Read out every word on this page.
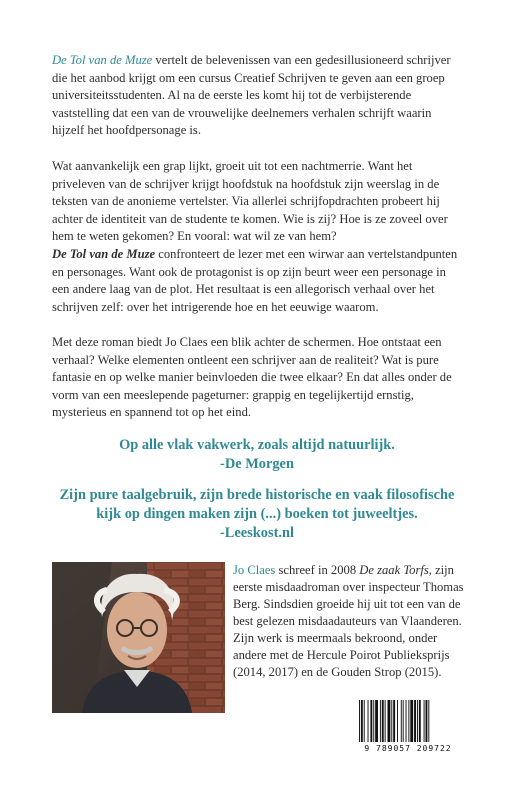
De Tol van de Muze vertelt de belevenissen van een gedesillusioneerd schrijver die het aanbod krijgt om een cursus Creatief Schrijven te geven aan een groep universiteitsstudenten. Al na de eerste les komt hij tot de verbijsterende vaststelling dat een van de vrouwelijke deelnemers verhalen schrijft waarin hijzelf het hoofdpersonage is.

Wat aanvankelijk een grap lijkt, groeit uit tot een nachtmerrie. Want het priveleven van de schrijver krijgt hoofdstuk na hoofdstuk zijn weerslag in de teksten van de anonieme vertelster. Via allerlei schrijfopdrachten probeert hij achter de identiteit van de studente te komen. Wie is zij? Hoe is ze zoveel over hem te weten gekomen? En vooral: wat wil ze van hem?

De Tol van de Muze confronteert de lezer met een wirwar aan vertelstandpunten en personages. Want ook de protagonist is op zijn beurt weer een personage in een andere laag van de plot. Het resultaat is een allegorisch verhaal over het schrijven zelf: over het intrigerende hoe en het eeuwige waarom.

Met deze roman biedt Jo Claes een blik achter de schermen. Hoe ontstaat een verhaal? Welke elementen ontleent een schrijver aan de realiteit? Wat is pure fantasie en op welke manier beinvloeden die twee elkaar? En dat alles onder de vorm van een meeslepende pageturner: grappig en tegelijkertijd ernstig, mysterieus en spannend tot op het eind.

Op alle vlak vakwerk, zoals altijd natuurlijk.
-De Morgen
Zijn pure taalgebruik, zijn brede historische en vaak filosofische kijk op dingen maken zijn (...) boeken tot juweeltjes.
-Leeskost.nl

Jo Claes schreef in 2008 De zaak Torfs, zijn eerste misdaadroman over inspecteur Thomas Berg. Sindsdien groeide hij uit tot een van de best gelezen misdaadauteurs van Vlaanderen. Zijn werk is meermaals bekroond, onder andere met de Hercule Poirot Publieksprijs (2014, 2017) en de Gouden Strop (2015).

9 789057 209722
